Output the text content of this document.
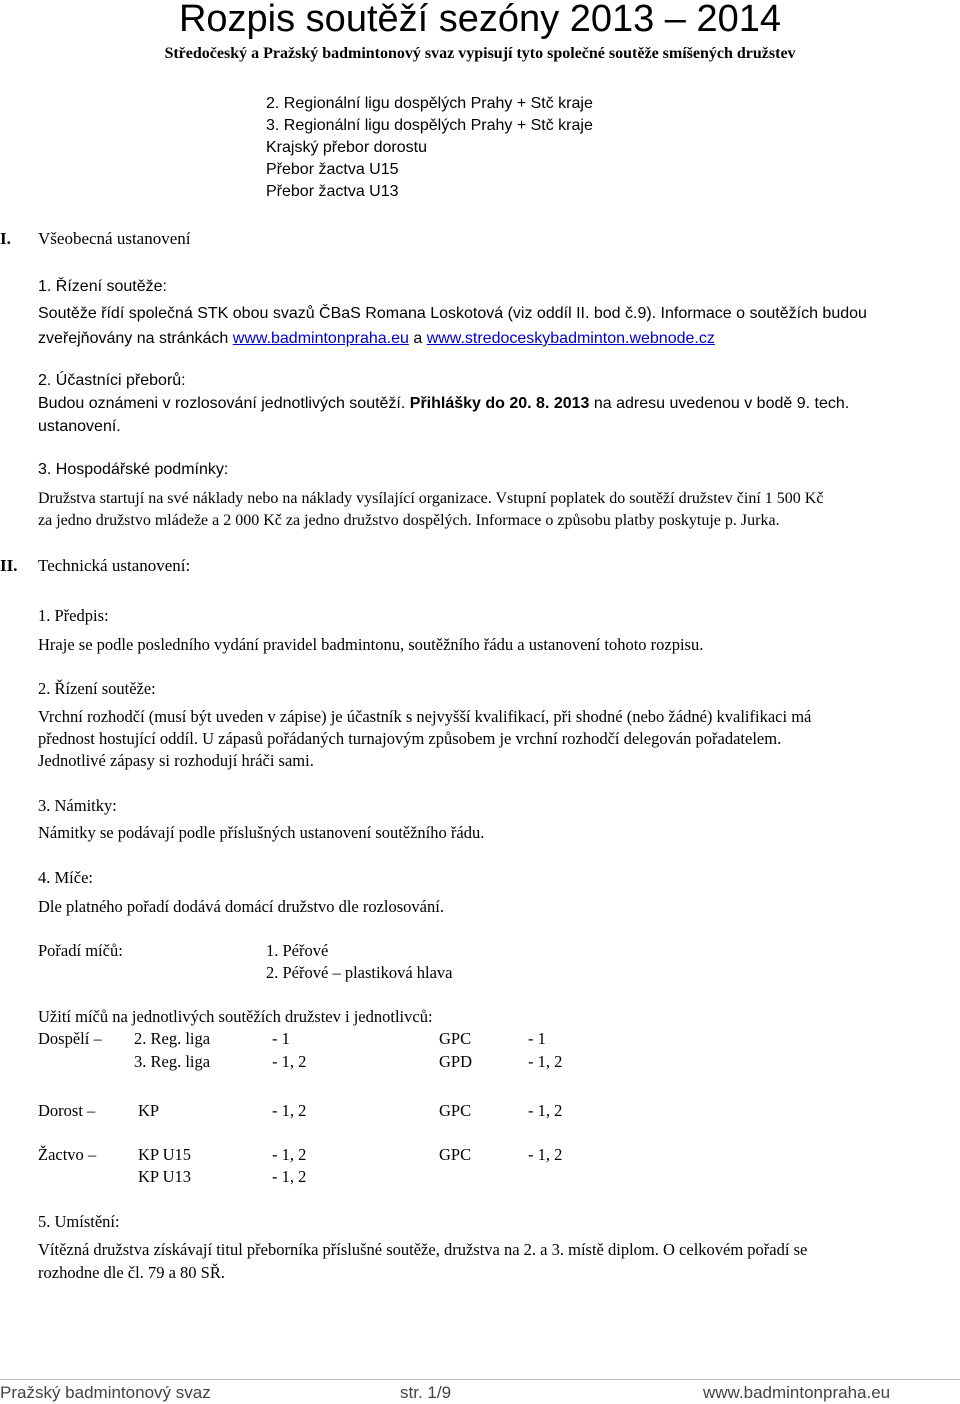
Rozpis soutěží sezóny 2013 – 2014
Středočeský a Pražský badmintonový svaz vypisují tyto společné soutěže smíšených družstev
2. Regionální ligu dospělých Prahy + Stč kraje
3. Regionální ligu dospělých Prahy + Stč kraje
Krajský přebor dorostu
Přebor žactva U15
Přebor žactva U13
I. Všeobecná ustanovení
1. Řízení soutěže:
Soutěže řídí společná STK obou svazů ČBaS Romana Loskotová (viz oddíl II. bod č.9). Informace o soutěžích budou
zveřejňovány na stránkách www.badmintonpraha.eu a www.stredoceskybadminton.webnode.cz
2. Účastníci přeborů:
Budou oznámeni v rozlosování jednotlivých soutěží. Přihlášky do 20. 8. 2013 na adresu uvedenou v bodě 9. tech.
ustanovení.
3. Hospodářské podmínky:
Družstva startují na své náklady nebo na náklady vysílající organizace. Vstupní poplatek do soutěží družstev činí 1 500 Kč
za jedno družstvo mládeže a 2 000 Kč za jedno družstvo dospělých. Informace o způsobu platby poskytuje p. Jurka.
II. Technická ustanovení:
1. Předpis:
Hraje se podle posledního vydání pravidel badmintonu, soutěžního řádu a ustanovení tohoto rozpisu.
2. Řízení soutěže:
Vrchní rozhodčí (musí být uveden v zápise) je účastník s nejvyšší kvalifikací, při shodné (nebo žádné) kvalifikaci má
přednost hostující oddíl. U zápasů pořádaných turnajovým způsobem je vrchní rozhodčí delegován pořadatelem.
Jednotlivé zápasy si rozhodují hráči sami.
3. Námitky:
Námitky se podávají podle příslušných ustanovení soutěžního řádu.
4. Míče:
Dle platného pořadí dodává domácí družstvo dle rozlosování.
Pořadí míčů:	1. Péřové
2. Péřové – plastiková hlava
Užití míčů na jednotlivých soutěžích družstev i jednotlivců:
Dospělí – 2. Reg. liga	- 1	GPC	- 1
3. Reg. liga	- 1, 2	GPD	- 1, 2
Dorost –	KP	- 1, 2	GPC	- 1, 2
Žactvo –	KP U15	- 1, 2	GPC	- 1, 2
KP U13	- 1, 2
5. Umístění:
Vítězná družstva získávají titul přeborníka příslušné soutěže, družstva na 2. a 3. místě diplom. O celkovém pořadí se
rozhodne dle čl. 79 a 80 SŘ.
Pražský badmintonový svaz	str. 1/9	www.badmintonpraha.eu
